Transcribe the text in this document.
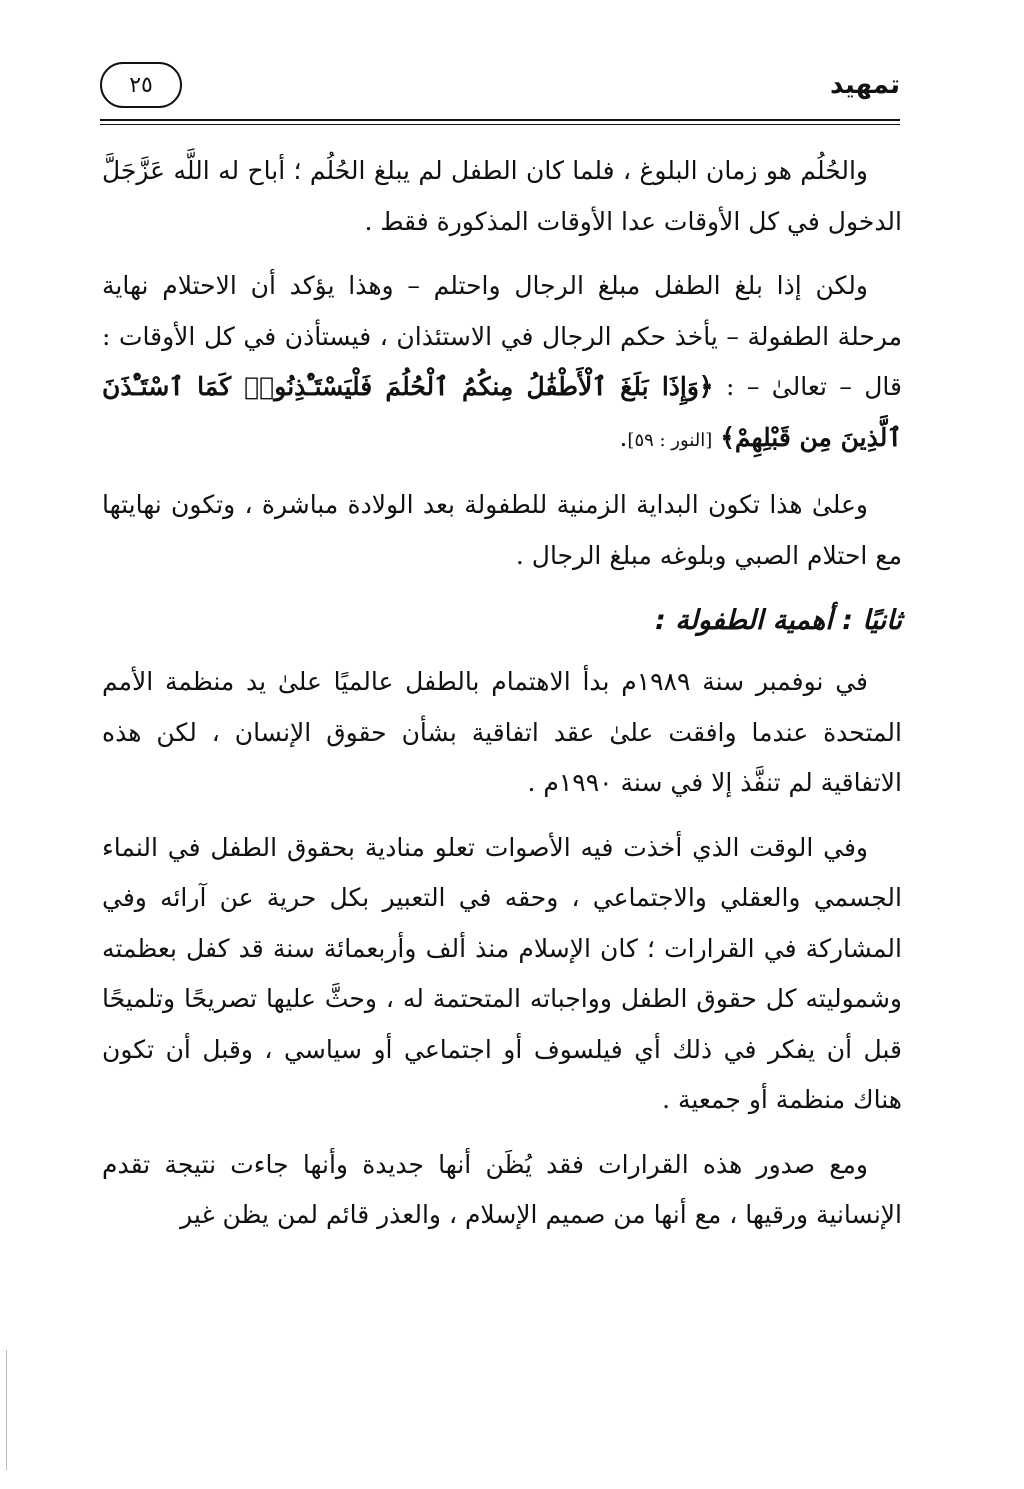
تمهيد
٢٥

والحُلُم هو زمان البلوغ ، فلما كان الطفل لم يبلغ الحُلُم ؛ أباح له اللَّه عَزَّجَلَّ الدخول في كل الأوقات عدا الأوقات المذكورة فقط .

ولكن إذا بلغ الطفل مبلغ الرجال واحتلم – وهذا يؤكد أن الاحتلام نهاية مرحلة الطفولة – يأخذ حكم الرجال في الاستئذان ، فيستأذن في كل الأوقات : قال – تعالىٰ – : ﴿وَإِذَا بَلَغَ ٱلْأَطْفَٰلُ مِنكُمُ ٱلْحُلُمَ فَلْيَسْتَـْٔذِنُوا۟ كَمَا ٱسْتَـْٔذَنَ ٱلَّذِينَ مِن قَبْلِهِمْ﴾ [النور : ٥٩].

وعلىٰ هذا تكون البداية الزمنية للطفولة بعد الولادة مباشرة ، وتكون نهايتها مع احتلام الصبي وبلوغه مبلغ الرجال .

ثانيًا : أهمية الطفولة :

في نوفمبر سنة ١٩٨٩م بدأ الاهتمام بالطفل عالميًا علىٰ يد منظمة الأمم المتحدة عندما وافقت علىٰ عقد اتفاقية بشأن حقوق الإنسان ، لكن هذه الاتفاقية لم تنفَّذ إلا في سنة ١٩٩٠م .

وفي الوقت الذي أخذت فيه الأصوات تعلو منادية بحقوق الطفل في النماء الجسمي والعقلي والاجتماعي ، وحقه في التعبير بكل حرية عن آرائه وفي المشاركة في القرارات ؛ كان الإسلام منذ ألف وأربعمائة سنة قد كفل بعظمته وشموليته كل حقوق الطفل وواجباته المتحتمة له ، وحثَّ عليها تصريحًا وتلميحًا قبل أن يفكر في ذلك أي فيلسوف أو اجتماعي أو سياسي ، وقبل أن تكون هناك منظمة أو جمعية .

ومع صدور هذه القرارات فقد يُظَن أنها جديدة وأنها جاءت نتيجة تقدم الإنسانية ورقيها ، مع أنها من صميم الإسلام ، والعذر قائم لمن يظن غير
